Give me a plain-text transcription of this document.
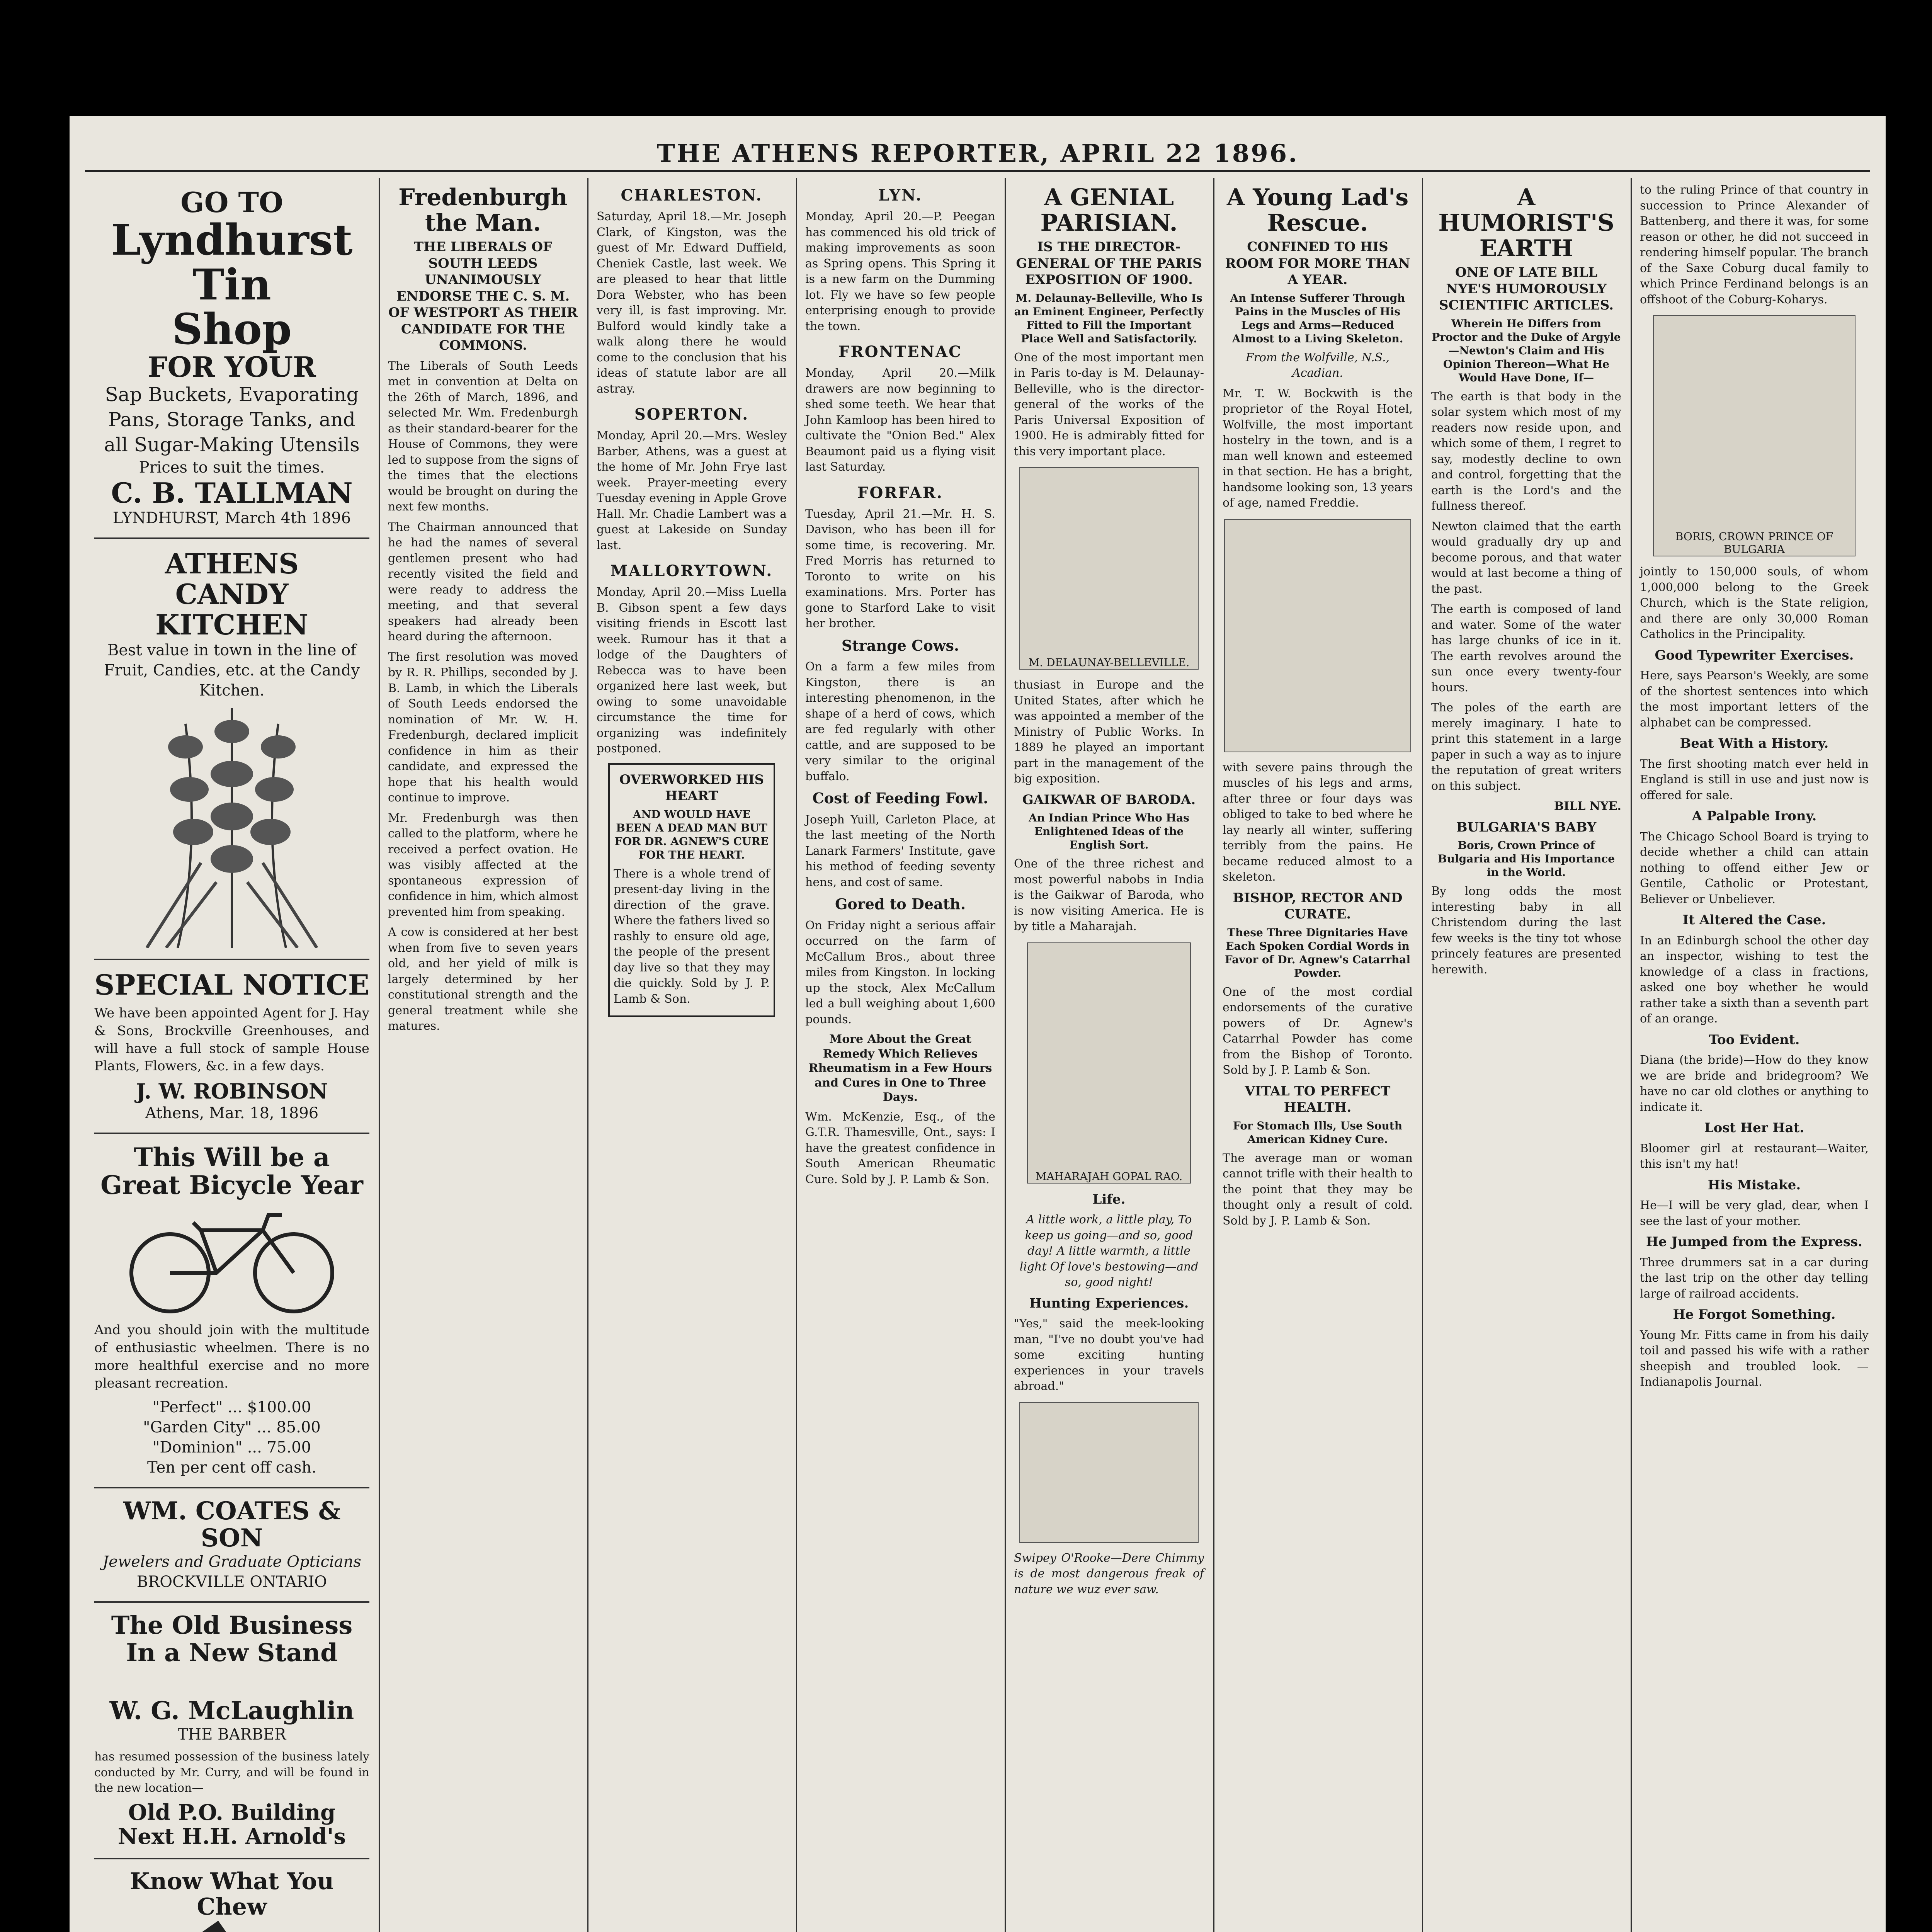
THE ATHENS REPORTER, APRIL 22 1896.
GO TO
Lyndhurst Tin
Shop
FOR YOUR
Sap Buckets, Evaporating Pans, Storage Tanks, and all Sugar-Making Utensils
Prices to suit the times.
C. B. TALLMAN
LYNDHURST, March 4th 1896
ATHENS
CANDY KITCHEN
Best value in town in the line of Fruit, Candies, etc. at the Candy Kitchen.
SPECIAL NOTICE
We have been appointed Agent for J. Hay & Sons, Brockville Greenhouses, and will have a full stock of sample House Plants, Flowers, &c. in a few days.
J. W. ROBINSON
Athens, Mar. 18, 1896
This Will be a Great Bicycle Year
And you should join with the multitude of enthusiastic wheelmen. There is no more healthful exercise and no more pleasant recreation.
"Perfect" ... $100.00
"Garden City" ... 85.00
"Dominion" ... 75.00
Ten per cent off cash.
WM. COATES & SON
Jewelers and Graduate Opticians
BROCKVILLE ONTARIO
The Old Business In a New Stand
W. G. McLaughlin
THE BARBER
has resumed possession of the business lately conducted by Mr. Curry, and will be found in the new location—
Old P.O. Building
Next H.H. Arnold's
Know What You Chew
Fredenburgh the Man.
THE LIBERALS OF SOUTH LEEDS UNANIMOUSLY ENDORSE THE C. S. M. OF WESTPORT AS THEIR CANDIDATE FOR THE COMMONS.
The Liberals of South Leeds met in convention at Delta on the 26th of March, 1896, and selected Mr. Wm. Fredenburgh as their standard-bearer for the House of Commons, they were led to suppose from the signs of the times that the elections would be brought on during the next few months.
The Chairman announced that he had the names of several gentlemen present who had recently visited the field and were ready to address the meeting, and that several speakers had already been heard during the afternoon.
The first resolution was moved by R. R. Phillips, seconded by J. B. Lamb, in which the Liberals of South Leeds endorsed the nomination of Mr. W. H. Fredenburgh, declared implicit confidence in him as their candidate, and expressed the hope that his health would continue to improve.
Mr. Fredenburgh was then called to the platform, where he received a perfect ovation. He was visibly affected at the spontaneous expression of confidence in him, which almost prevented him from speaking.
A cow is considered at her best when from five to seven years old, and her yield of milk is largely determined by her constitutional strength and the general treatment while she matures.
CHARLESTON.
Saturday, April 18.—Mr. Joseph Clark, of Kingston, was the guest of Mr. Edward Duffield, Cheniek Castle, last week. We are pleased to hear that little Dora Webster, who has been very ill, is fast improving. Mr. Bulford would kindly take a walk along there he would come to the conclusion that his ideas of statute labor are all astray.
SOPERTON.
Monday, April 20.—Mrs. Wesley Barber, Athens, was a guest at the home of Mr. John Frye last week. Prayer-meeting every Tuesday evening in Apple Grove Hall. Mr. Chadie Lambert was a guest at Lakeside on Sunday last.
MALLORYTOWN.
Monday, April 20.—Miss Luella B. Gibson spent a few days visiting friends in Escott last week. Rumour has it that a lodge of the Daughters of Rebecca was to have been organized here last week, but owing to some unavoidable circumstance the time for organizing was indefinitely postponed.
OVERWORKED HIS HEART
AND WOULD HAVE BEEN A DEAD MAN BUT FOR DR. AGNEW'S CURE FOR THE HEART.
There is a whole trend of present-day living in the direction of the grave. Where the fathers lived so rashly to ensure old age, the people of the present day live so that they may die quickly. Sold by J. P. Lamb & Son.
LYN.
Monday, April 20.—P. Peegan has commenced his old trick of making improvements as soon as Spring opens. This Spring it is a new farm on the Dumming lot. Fly we have so few people enterprising enough to provide the town.
FRONTENAC
Monday, April 20.—Milk drawers are now beginning to shed some teeth. We hear that John Kamloop has been hired to cultivate the "Onion Bed." Alex Beaumont paid us a flying visit last Saturday.
FORFAR.
Tuesday, April 21.—Mr. H. S. Davison, who has been ill for some time, is recovering. Mr. Fred Morris has returned to Toronto to write on his examinations. Mrs. Porter has gone to Starford Lake to visit her brother.
Strange Cows.
On a farm a few miles from Kingston, there is an interesting phenomenon, in the shape of a herd of cows, which are fed regularly with other cattle, and are supposed to be very similar to the original buffalo.
Cost of Feeding Fowl.
Joseph Yuill, Carleton Place, at the last meeting of the North Lanark Farmers' Institute, gave his method of feeding seventy hens, and cost of same.
Gored to Death.
On Friday night a serious affair occurred on the farm of McCallum Bros., about three miles from Kingston. In locking up the stock, Alex McCallum led a bull weighing about 1,600 pounds.
More About the Great Remedy Which Relieves Rheumatism in a Few Hours and Cures in One to Three Days.
Wm. McKenzie, Esq., of the G.T.R. Thamesville, Ont., says: I have the greatest confidence in South American Rheumatic Cure. Sold by J. P. Lamb & Son.
A GENIAL PARISIAN.
IS THE DIRECTOR-GENERAL OF THE PARIS EXPOSITION OF 1900.
M. Delaunay-Belleville, Who Is an Eminent Engineer, Perfectly Fitted to Fill the Important Place Well and Satisfactorily.
One of the most important men in Paris to-day is M. Delaunay-Belleville, who is the director-general of the works of the Paris Universal Exposition of 1900. He is admirably fitted for this very important place.
M. DELAUNAY-BELLEVILLE.
thusiast in Europe and the United States, after which he was appointed a member of the Ministry of Public Works. In 1889 he played an important part in the management of the big exposition.
GAIKWAR OF BARODA.
An Indian Prince Who Has Enlightened Ideas of the English Sort.
One of the three richest and most powerful nabobs in India is the Gaikwar of Baroda, who is now visiting America. He is by title a Maharajah.
MAHARAJAH GOPAL RAO.
Life.
A little work, a little play, To keep us going—and so, good day! A little warmth, a little light Of love's bestowing—and so, good night!
Hunting Experiences.
"Yes," said the meek-looking man, "I've no doubt you've had some exciting hunting experiences in your travels abroad."
Swipey O'Rooke—Dere Chimmy is de most dangerous freak of nature we wuz ever saw.
A Young Lad's Rescue.
CONFINED TO HIS ROOM FOR MORE THAN A YEAR.
An Intense Sufferer Through Pains in the Muscles of His Legs and Arms—Reduced Almost to a Living Skeleton.
From the Wolfville, N.S., Acadian.
Mr. T. W. Bockwith is the proprietor of the Royal Hotel, Wolfville, the most important hostelry in the town, and is a man well known and esteemed in that section. He has a bright, handsome looking son, 13 years of age, named Freddie.
with severe pains through the muscles of his legs and arms, after three or four days was obliged to take to bed where he lay nearly all winter, suffering terribly from the pains. He became reduced almost to a skeleton.
BISHOP, RECTOR AND CURATE.
These Three Dignitaries Have Each Spoken Cordial Words in Favor of Dr. Agnew's Catarrhal Powder.
One of the most cordial endorsements of the curative powers of Dr. Agnew's Catarrhal Powder has come from the Bishop of Toronto. Sold by J. P. Lamb & Son.
VITAL TO PERFECT HEALTH.
For Stomach Ills, Use South American Kidney Cure.
The average man or woman cannot trifle with their health to the point that they may be thought only a result of cold. Sold by J. P. Lamb & Son.
A HUMORIST'S EARTH
ONE OF LATE BILL NYE'S HUMOROUSLY SCIENTIFIC ARTICLES.
Wherein He Differs from Proctor and the Duke of Argyle—Newton's Claim and His Opinion Thereon—What He Would Have Done, If—
The earth is that body in the solar system which most of my readers now reside upon, and which some of them, I regret to say, modestly decline to own and control, forgetting that the earth is the Lord's and the fullness thereof.
Newton claimed that the earth would gradually dry up and become porous, and that water would at last become a thing of the past.
The earth is composed of land and water. Some of the water has large chunks of ice in it. The earth revolves around the sun once every twenty-four hours.
The poles of the earth are merely imaginary. I hate to print this statement in a large paper in such a way as to injure the reputation of great writers on this subject.
BILL NYE.
BULGARIA'S BABY
Boris, Crown Prince of Bulgaria and His Importance in the World.
By long odds the most interesting baby in all Christendom during the last few weeks is the tiny tot whose princely features are presented herewith.
to the ruling Prince of that country in succession to Prince Alexander of Battenberg, and there it was, for some reason or other, he did not succeed in rendering himself popular. The branch of the Saxe Coburg ducal family to which Prince Ferdinand belongs is an offshoot of the Coburg-Koharys.
BORIS, CROWN PRINCE OF BULGARIA
jointly to 150,000 souls, of whom 1,000,000 belong to the Greek Church, which is the State religion, and there are only 30,000 Roman Catholics in the Principality.
Good Typewriter Exercises.
Here, says Pearson's Weekly, are some of the shortest sentences into which the most important letters of the alphabet can be compressed.
Beat With a History.
The first shooting match ever held in England is still in use and just now is offered for sale.
A Palpable Irony.
The Chicago School Board is trying to decide whether a child can attain nothing to offend either Jew or Gentile, Catholic or Protestant, Believer or Unbeliever.
It Altered the Case.
In an Edinburgh school the other day an inspector, wishing to test the knowledge of a class in fractions, asked one boy whether he would rather take a sixth than a seventh part of an orange.
Too Evident.
Diana (the bride)—How do they know we are bride and bridegroom? We have no car old clothes or anything to indicate it.
Lost Her Hat.
Bloomer girl at restaurant—Waiter, this isn't my hat!
His Mistake.
He—I will be very glad, dear, when I see the last of your mother.
He Jumped from the Express.
Three drummers sat in a car during the last trip on the other day telling large of railroad accidents.
He Forgot Something.
Young Mr. Fitts came in from his daily toil and passed his wife with a rather sheepish and troubled look. —Indianapolis Journal.
